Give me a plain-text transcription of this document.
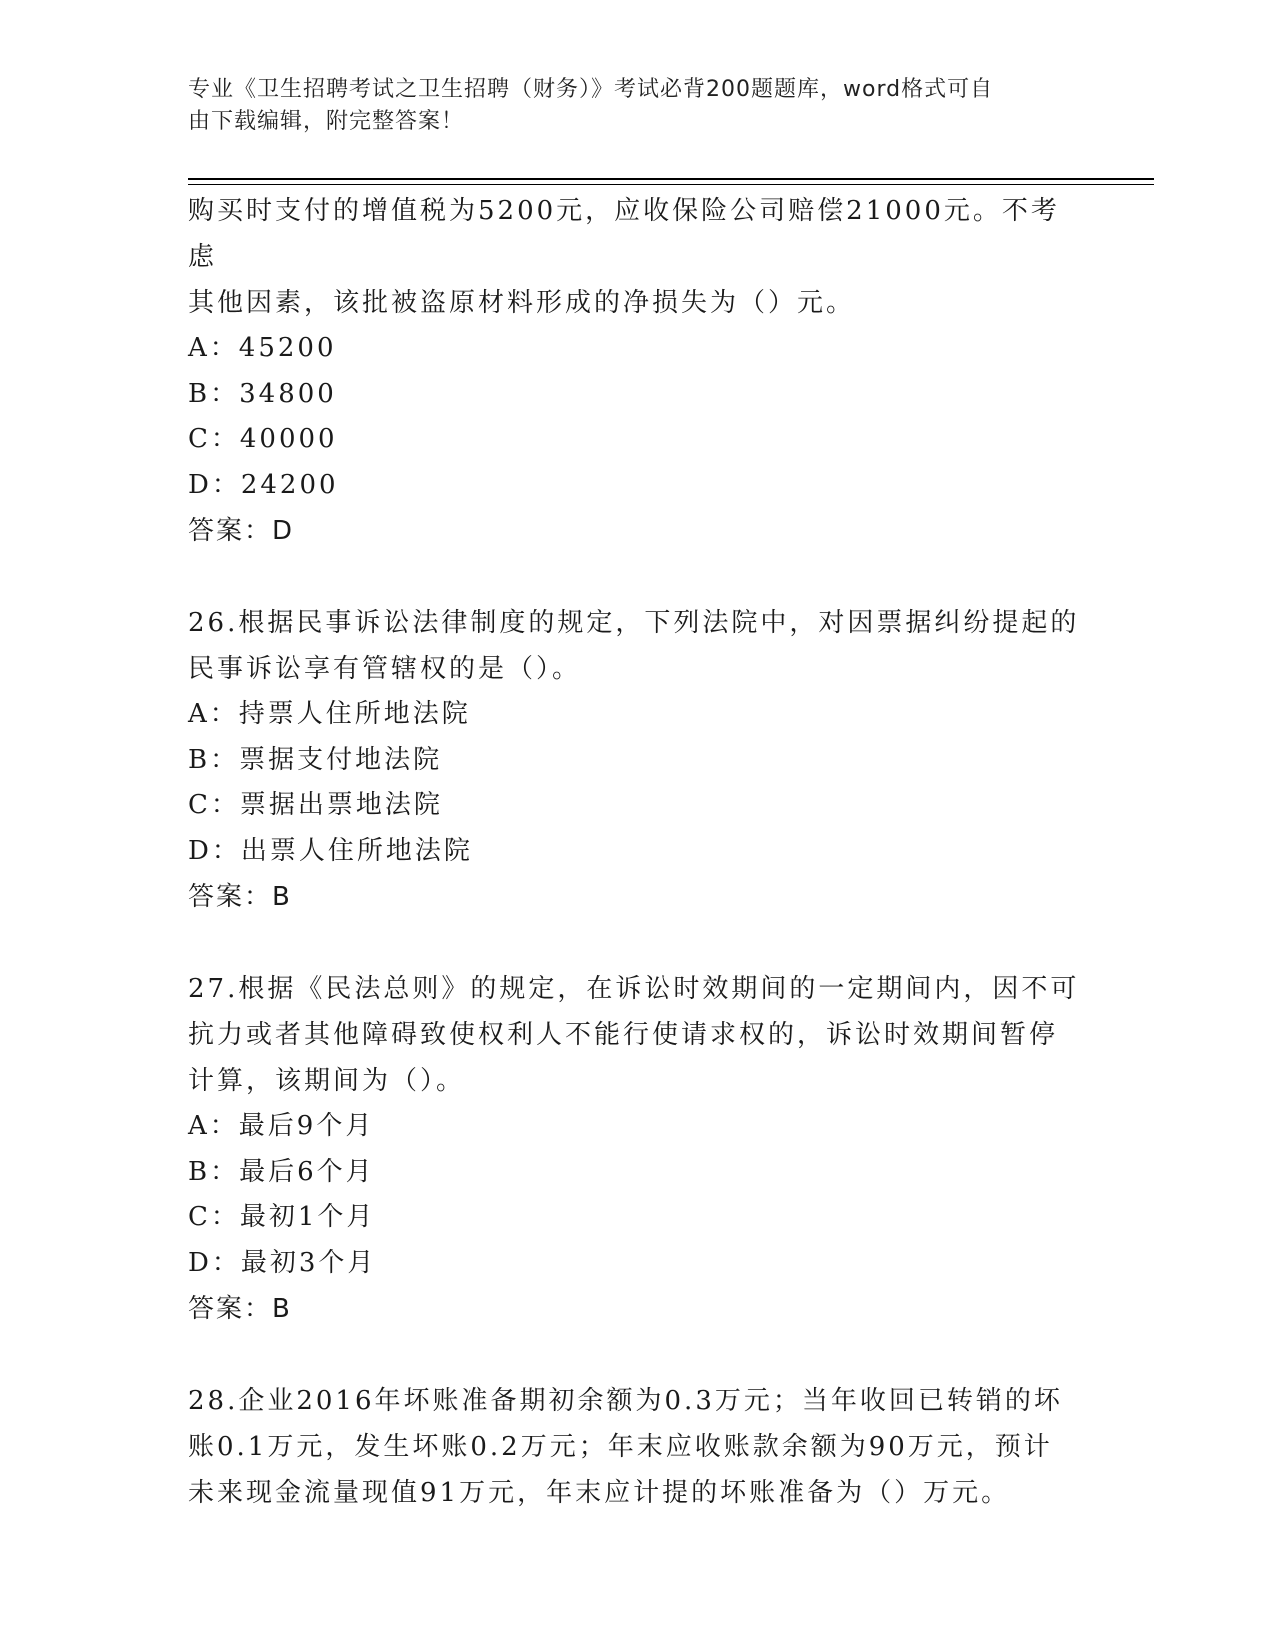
专业《卫生招聘考试之卫生招聘（财务）》考试必背200题题库，word格式可自
由下载编辑，附完整答案！

购买时支付的增值税为5200元，应收保险公司赔偿21000元。不考虑

其他因素，该批被盗原材料形成的净损失为（）元。

A：45200

B：34800

C：40000

D：24200

答案：D

26.根据民事诉讼法律制度的规定，下列法院中，对因票据纠纷提起的

民事诉讼享有管辖权的是（）。

A：持票人住所地法院

B：票据支付地法院

C：票据出票地法院

D：出票人住所地法院

答案：B

27.根据《民法总则》的规定，在诉讼时效期间的一定期间内，因不可

抗力或者其他障碍致使权利人不能行使请求权的，诉讼时效期间暂停

计算，该期间为（）。

A：最后9个月

B：最后6个月

C：最初1个月

D：最初3个月

答案：B

28.企业2016年坏账准备期初余额为0.3万元；当年收回已转销的坏

账0.1万元，发生坏账0.2万元；年末应收账款余额为90万元，预计

未来现金流量现值91万元，年末应计提的坏账准备为（）万元。
